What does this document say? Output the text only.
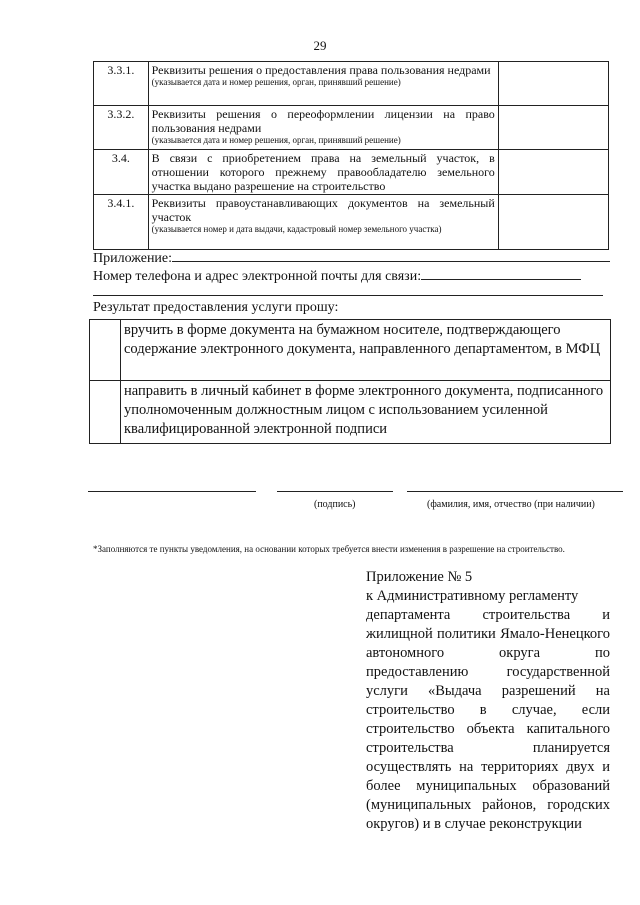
29
3.3.1.	Реквизиты решения о предоставления права пользования недрами
(указывается дата и номер решения, орган, принявший решение)	

3.3.2.	Реквизиты решения о переоформлении лицензии на право пользования недрами
(указывается дата и номер решения, орган, принявший решение)	

3.4.	В связи с приобретением права на земельный участок, в отношении которого прежнему правообладателю земельного участка выдано разрешение на строительство	
3.4.1.	Реквизиты правоустанавливающих документов на земельный участок
(указывается номер и дата выдачи, кадастровый номер земельного участка)	

Приложение:
Номер телефона и адрес электронной почты для связи:
Результат предоставления услуги прошу:
	вручить в форме документа на бумажном носителе, подтверждающего содержание электронного документа, направленного департаментом, в МФЦ
	направить в личный кабинет в форме электронного документа, подписанного уполномоченным должностным лицом с использованием усиленной квалифицированной электронной подписи
(подпись)	(фамилия, имя, отчество (при наличии)
*Заполняются те пункты уведомления, на основании которых требуется внести изменения в разрешение на строительство.
Приложение № 5
к Административному регламенту
департамента строительства и жилищной политики Ямало-Ненецкого автономного округа по предоставлению государственной услуги «Выдача разрешений на строительство в случае, если строительство объекта капитального строительства планируется осуществлять на территориях двух и более муниципальных образований (муниципальных районов, городских округов) и в случае реконструкции
